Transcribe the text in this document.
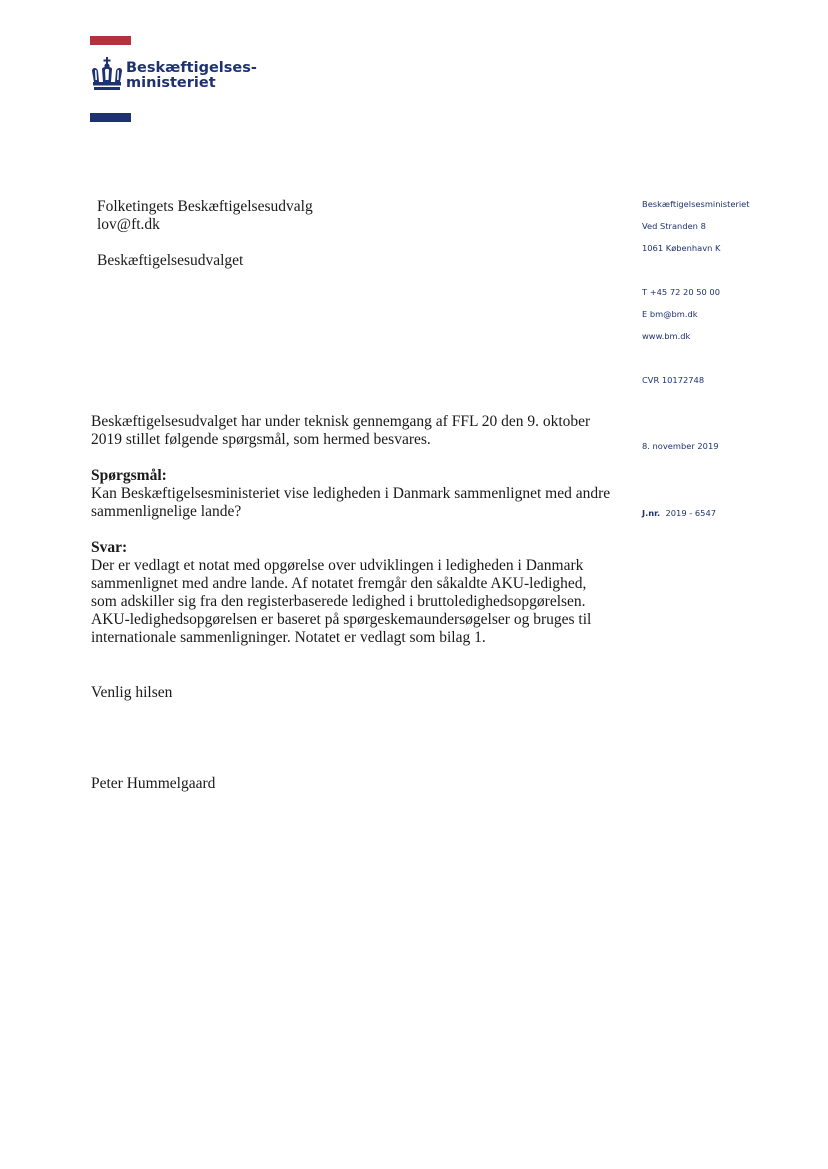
Beskæftigelses-
ministeriet
Folketingets Beskæftigelsesudvalg
lov@ft.dk
Beskæftigelsesudvalget
Beskæftigelsesministeriet
Ved Stranden 8
1061 København K
T +45 72 20 50 00
E bm@bm.dk
www.bm.dk
CVR 10172748
8. november 2019
J.nr. 2019 - 6547
Beskæftigelsesudvalget har under teknisk gennemgang af FFL 20 den 9. oktober
2019 stillet følgende spørgsmål, som hermed besvares.
Spørgsmål:
Kan Beskæftigelsesministeriet vise ledigheden i Danmark sammenlignet med andre
sammenlignelige lande?
Svar:
Der er vedlagt et notat med opgørelse over udviklingen i ledigheden i Danmark
sammenlignet med andre lande. Af notatet fremgår den såkaldte AKU-ledighed,
som adskiller sig fra den registerbaserede ledighed i bruttoledighedsopgørelsen.
AKU-ledighedsopgørelsen er baseret på spørgeskemaundersøgelser og bruges til
internationale sammenligninger. Notatet er vedlagt som bilag 1.
Venlig hilsen
Peter Hummelgaard
